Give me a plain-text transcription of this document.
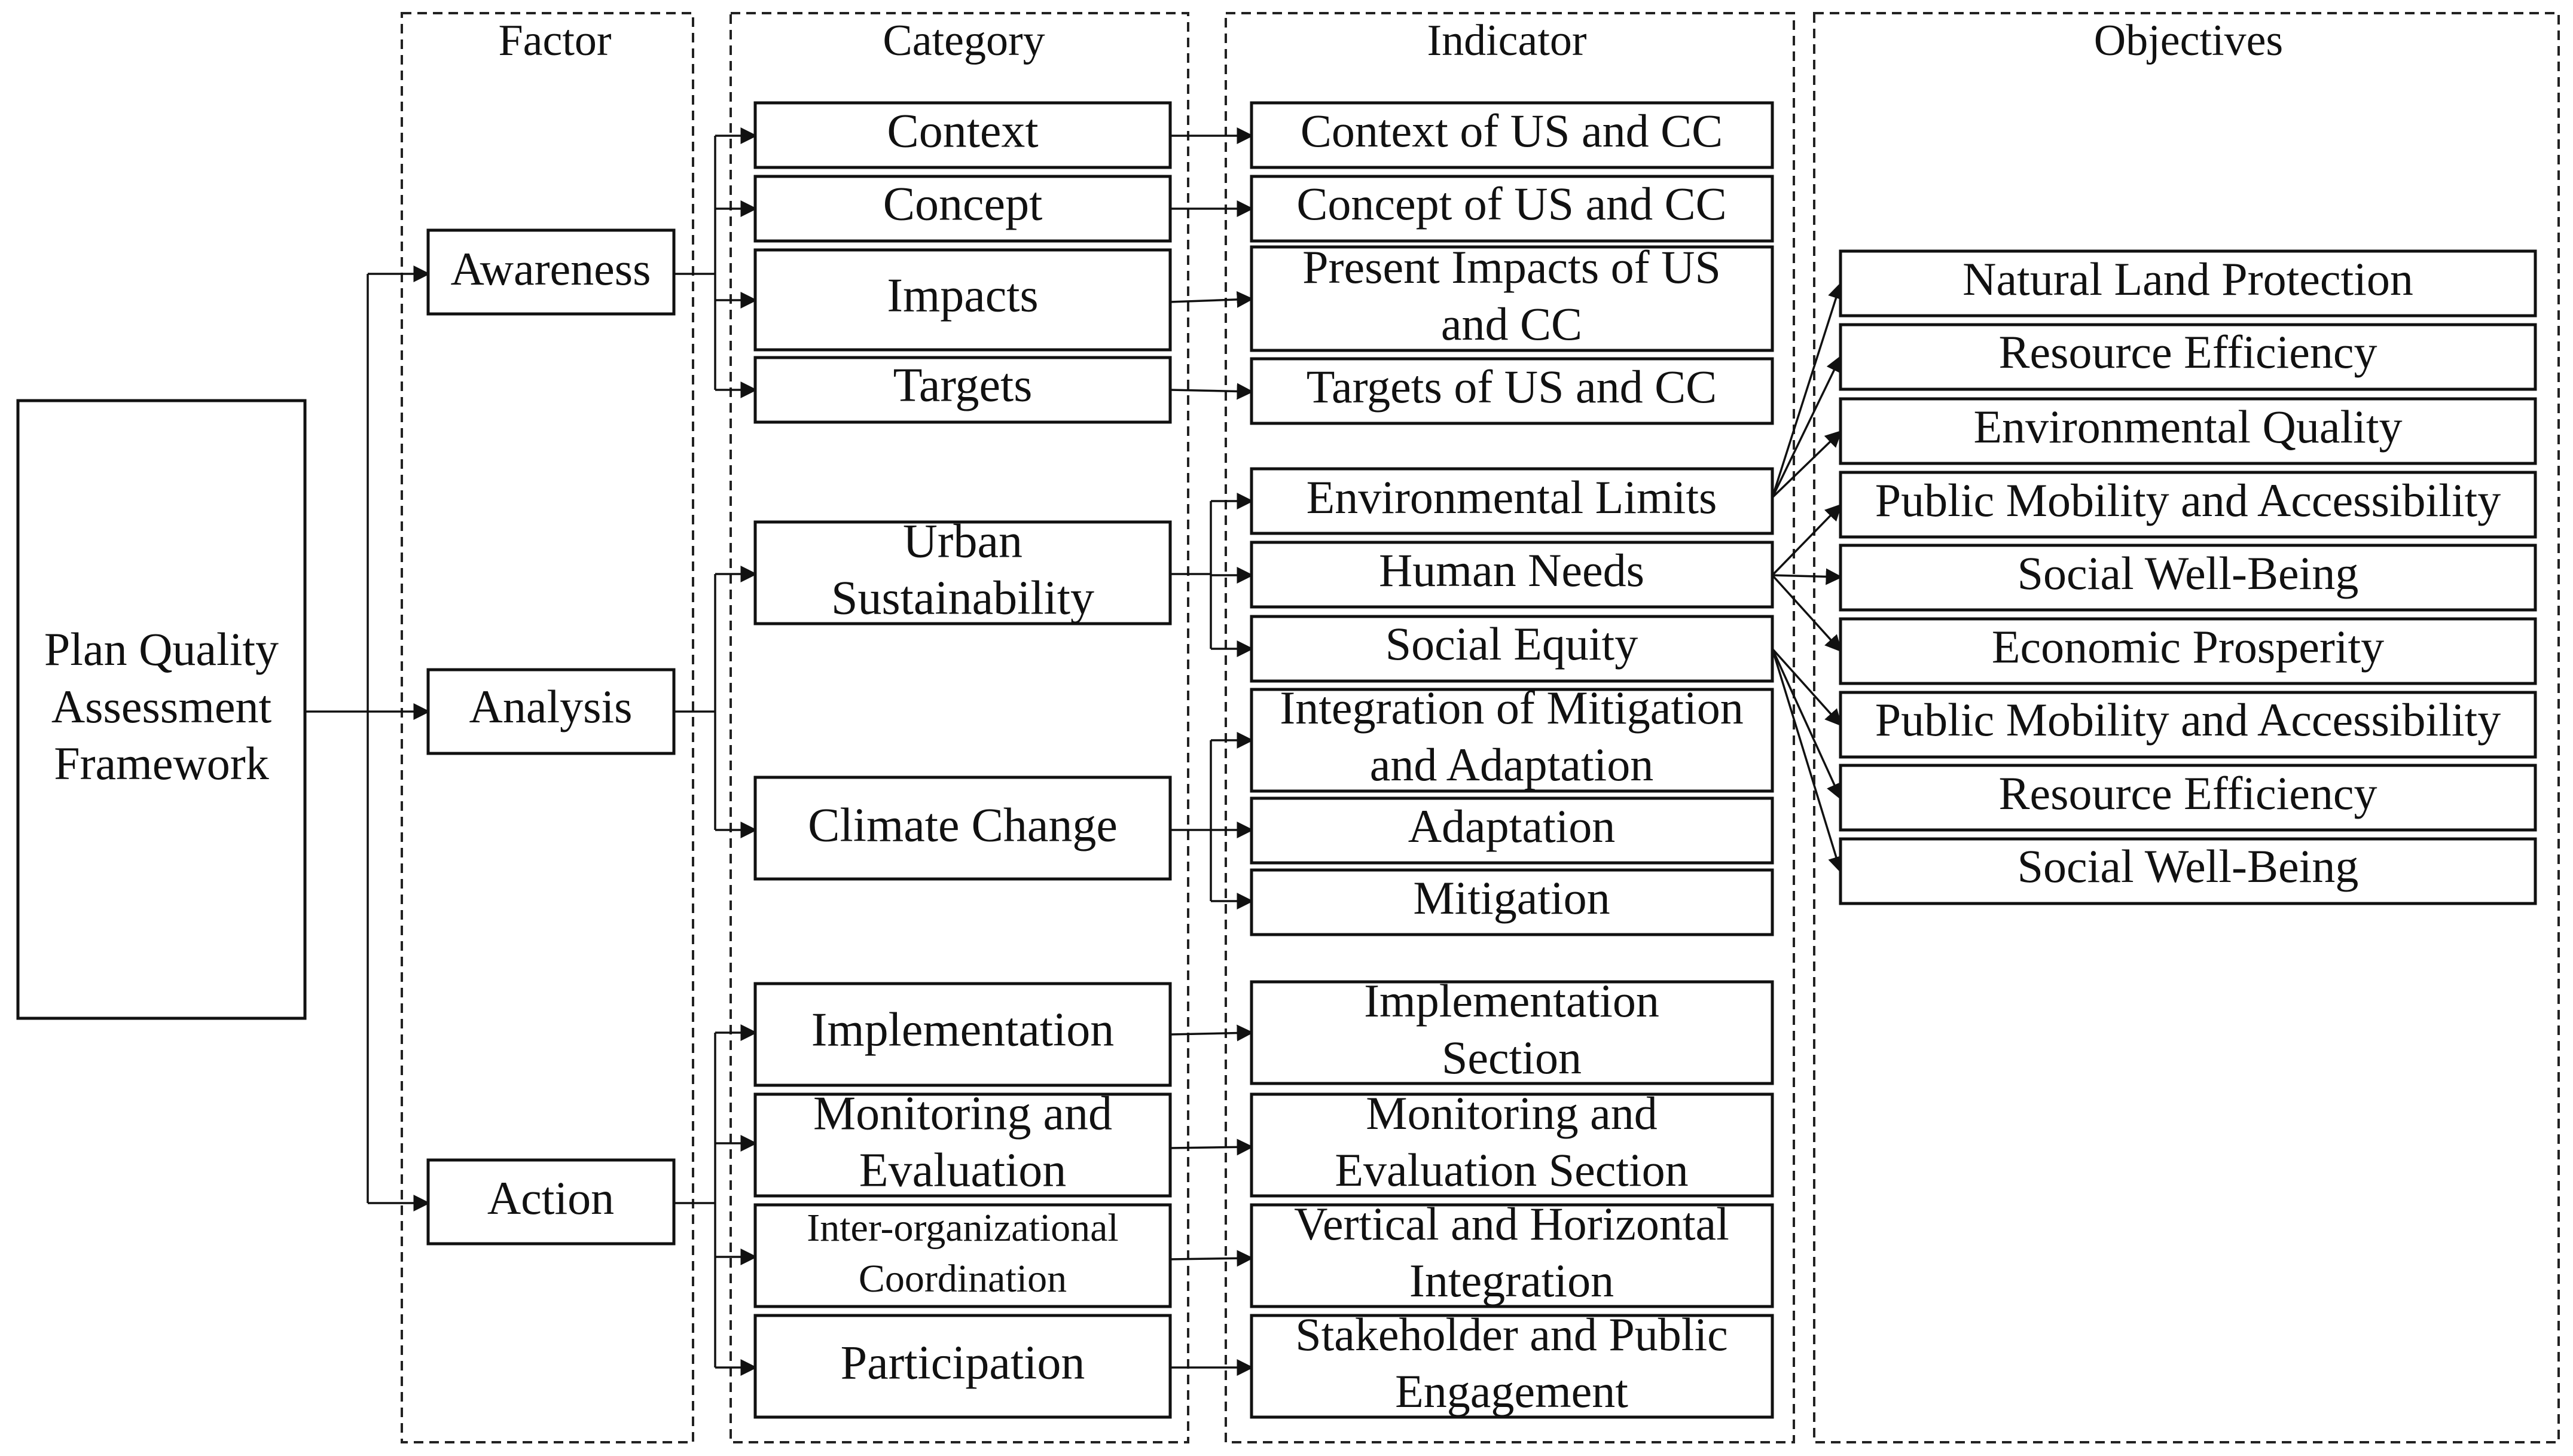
Factor	Category	Indicator	Objectives
Plan Quality
Assessment
Framework
Awareness
Analysis
Action
Context
Concept
Impacts
Targets
Urban
Sustainability
Climate Change
Implementation
Monitoring and
Evaluation
Inter-organizational
Coordination
Participation
Context of US and CC
Concept of US and CC
Present Impacts of US
and CC
Targets of US and CC
Environmental Limits
Human Needs
Social Equity
Integration of Mitigation
and Adaptation
Adaptation
Mitigation
Implementation
Section
Monitoring and
Evaluation Section
Vertical and Horizontal
Integration
Stakeholder and Public
Engagement
Natural Land Protection
Resource Efficiency
Environmental Quality
Public Mobility and Accessibility
Social Well-Being
Economic Prosperity
Public Mobility and Accessibility
Resource Efficiency
Social Well-Being
